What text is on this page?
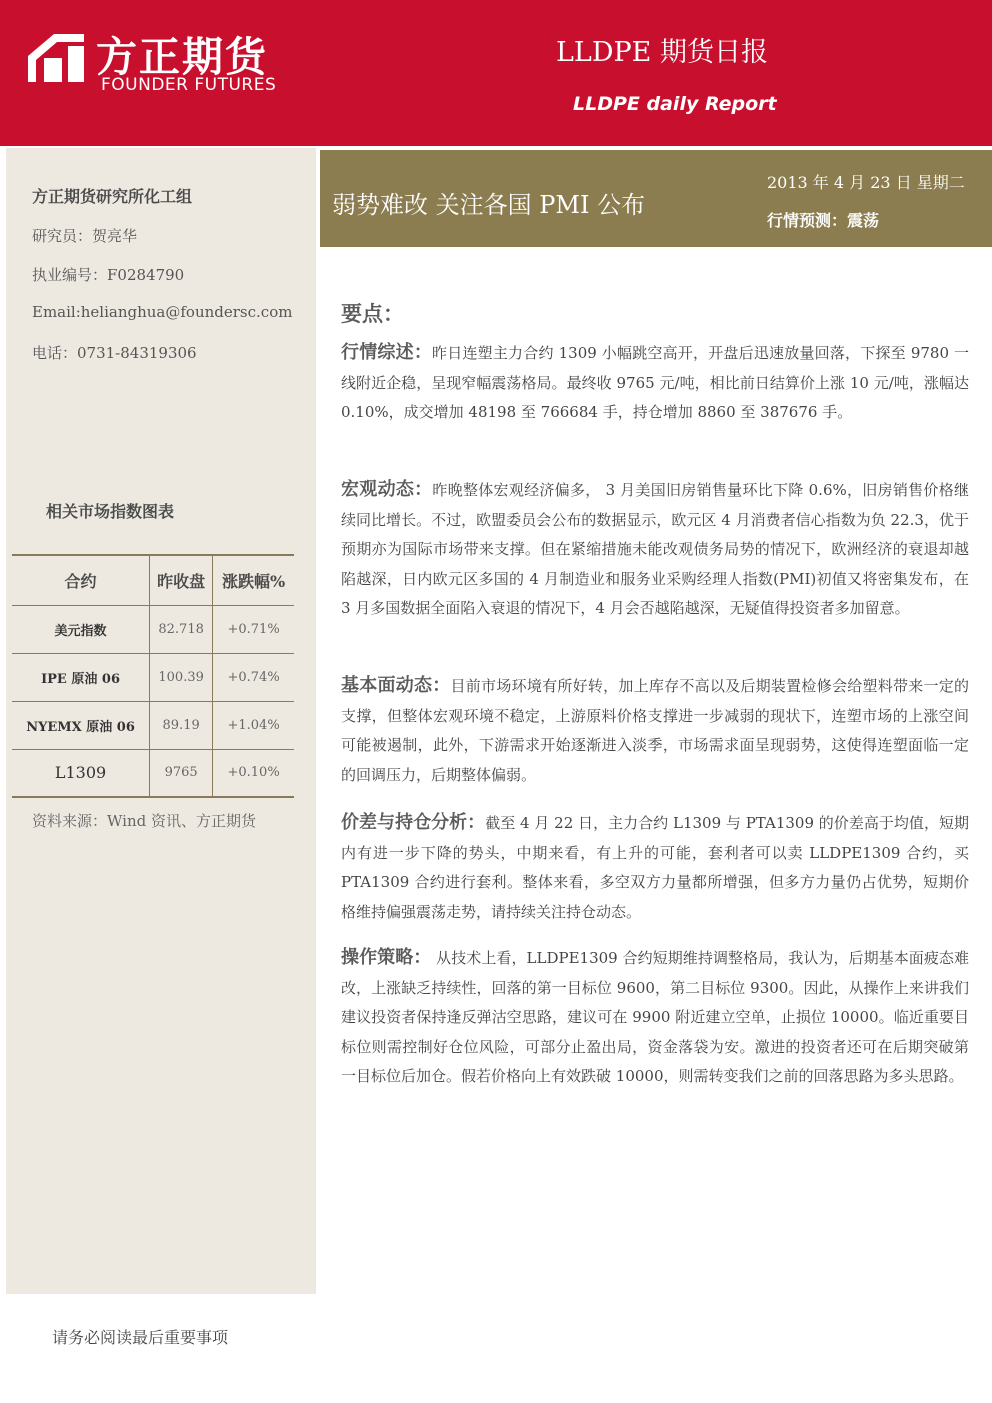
方正期货
FOUNDER FUTURES
LLDPE 期货日报
LLDPE daily Report
方正期货研究所化工组
研究员：贺亮华
执业编号：F0284790
Email:helianghua@foundersc.com
电话：0731-84319306
相关市场指数图表
合约	昨收盘	涨跌幅%
美元指数	82.718	+0.71%
IPE 原油 06	100.39	+0.74%
NYEMX 原油 06	89.19	+1.04%
L1309	9765	+0.10%
资料来源：Wind 资讯、方正期货
弱势难改 关注各国 PMI 公布
2013 年 4 月 23 日 星期二
行情预测：震荡
要点：

行情综述：昨日连塑主力合约 1309 小幅跳空高开，开盘后迅速放量回落，下探至 9780 一线附近企稳，呈现窄幅震荡格局。最终收 9765 元/吨，相比前日结算价上涨 10 元/吨，涨幅达 0.10%，成交增加 48198 至 766684 手，持仓增加 8860 至 387676 手。

宏观动态：昨晚整体宏观经济偏多， 3 月美国旧房销售量环比下降 0.6%，旧房销售价格继续同比增长。不过，欧盟委员会公布的数据显示，欧元区 4 月消费者信心指数为负 22.3，优于预期亦为国际市场带来支撑。但在紧缩措施未能改观债务局势的情况下，欧洲经济的衰退却越陷越深，日内欧元区多国的 4 月制造业和服务业采购经理人指数(PMI)初值又将密集发布，在 3 月多国数据全面陷入衰退的情况下，4 月会否越陷越深，无疑值得投资者多加留意。

基本面动态：目前市场环境有所好转，加上库存不高以及后期装置检修会给塑料带来一定的支撑，但整体宏观环境不稳定，上游原料价格支撑进一步减弱的现状下，连塑市场的上涨空间可能被遏制，此外，下游需求开始逐渐进入淡季，市场需求面呈现弱势，这使得连塑面临一定的回调压力，后期整体偏弱。

价差与持仓分析：截至 4 月 22 日，主力合约 L1309 与 PTA1309 的价差高于均值，短期内有进一步下降的势头，中期来看，有上升的可能，套利者可以卖 LLDPE1309 合约，买 PTA1309 合约进行套利。整体来看，多空双方力量都所增强，但多方力量仍占优势，短期价格维持偏强震荡走势，请持续关注持仓动态。

操作策略： 从技术上看，LLDPE1309 合约短期维持调整格局，我认为，后期基本面疲态难改，上涨缺乏持续性，回落的第一目标位 9600，第二目标位 9300。因此，从操作上来讲我们建议投资者保持逢反弹沽空思路，建议可在 9900 附近建立空单，止损位 10000。临近重要目标位则需控制好仓位风险，可部分止盈出局，资金落袋为安。激进的投资者还可在后期突破第一目标位后加仓。假若价格向上有效跌破 10000，则需转变我们之前的回落思路为多头思路。

请务必阅读最后重要事项
